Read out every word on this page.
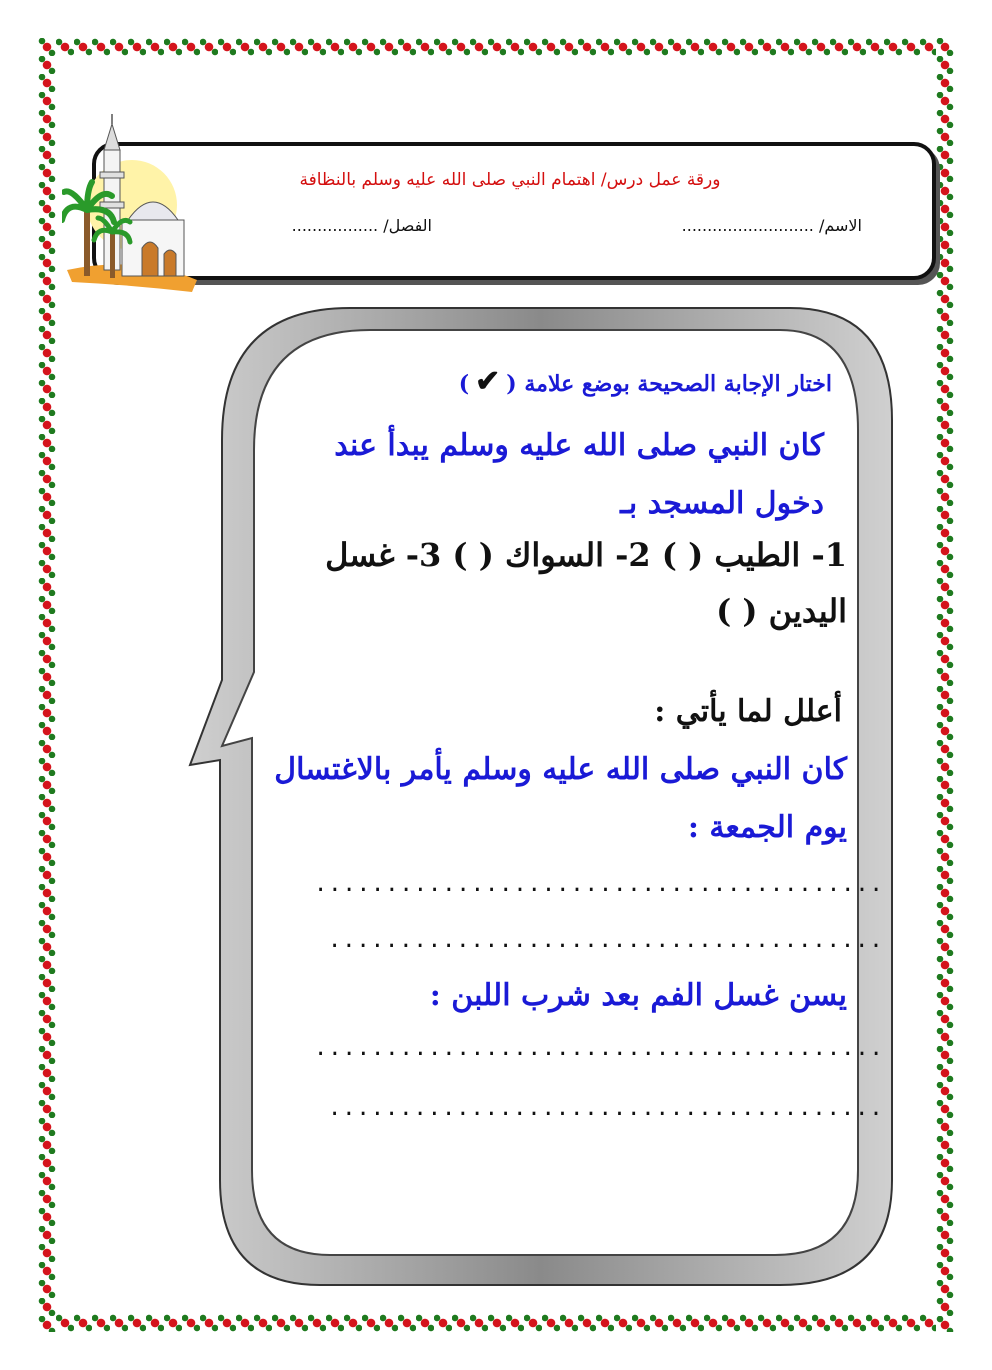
ورقة عمل درس/ اهتمام النبي صلى الله عليه وسلم بالنظافة
الاسم/ ..........................
الفصل/ .................
اختار الإجابة الصحيحة بوضع علامة (✔)
كان النبي صلى الله عليه وسلم يبدأ عند
دخول المسجد بـ
1- الطيب ( ) 2- السواك ( ) 3- غسل
اليدين ( )
أعلل لما يأتي :
كان النبي صلى الله عليه وسلم يأمر بالاغتسال
يوم الجمعة :
........................................
.......................................
يسن غسل الفم بعد شرب اللبن :
........................................
.......................................
